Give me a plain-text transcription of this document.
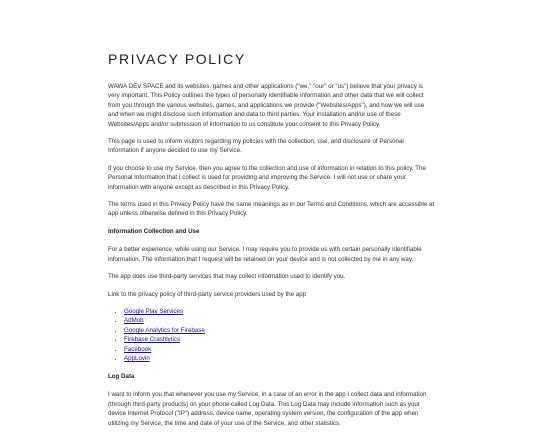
PRIVACY POLICY

WAWA DEV SPACE and its websites, games and other applications ("we," "our" or "us") believe that your privacy is very important. This Policy outlines the types of personally identifiable information and other data that we will collect from you through the various websites, games, and applications we provide ("Websites/Apps"), and how we will use and when we might disclose such information and data to third parties. Your installation and/or use of these Websites/Apps and/or submission of information to us constitute your consent to this Privacy Policy.

This page is used to inform visitors regarding my policies with the collection, use, and disclosure of Personal Information if anyone decided to use my Service.

If you choose to use my Service, then you agree to the collection and use of information in relation to this policy. The Personal Information that I collect is used for providing and improving the Service. I will not use or share your information with anyone except as described in this Privacy Policy.

The terms used in this Privacy Policy have the same meanings as in our Terms and Conditions, which are accessible at app unless otherwise defined in this Privacy Policy.

Information Collection and Use

For a better experience, while using our Service, I may require you to provide us with certain personally identifiable information. The information that I request will be retained on your device and is not collected by me in any way.

The app does use third-party services that may collect information used to identify you.

Link to the privacy policy of third-party service providers used by the app

• Google Play Services
• AdMob
• Google Analytics for Firebase
• Firebase Crashlytics
• Facebook
• AppLovin

Log Data

I want to inform you that whenever you use my Service, in a case of an error in the app I collect data and information (through third-party products) on your phone called Log Data. This Log Data may include information such as your device Internet Protocol ("IP") address, device name, operating system version, the configuration of the app when utilizing my Service, the time and date of your use of the Service, and other statistics.
